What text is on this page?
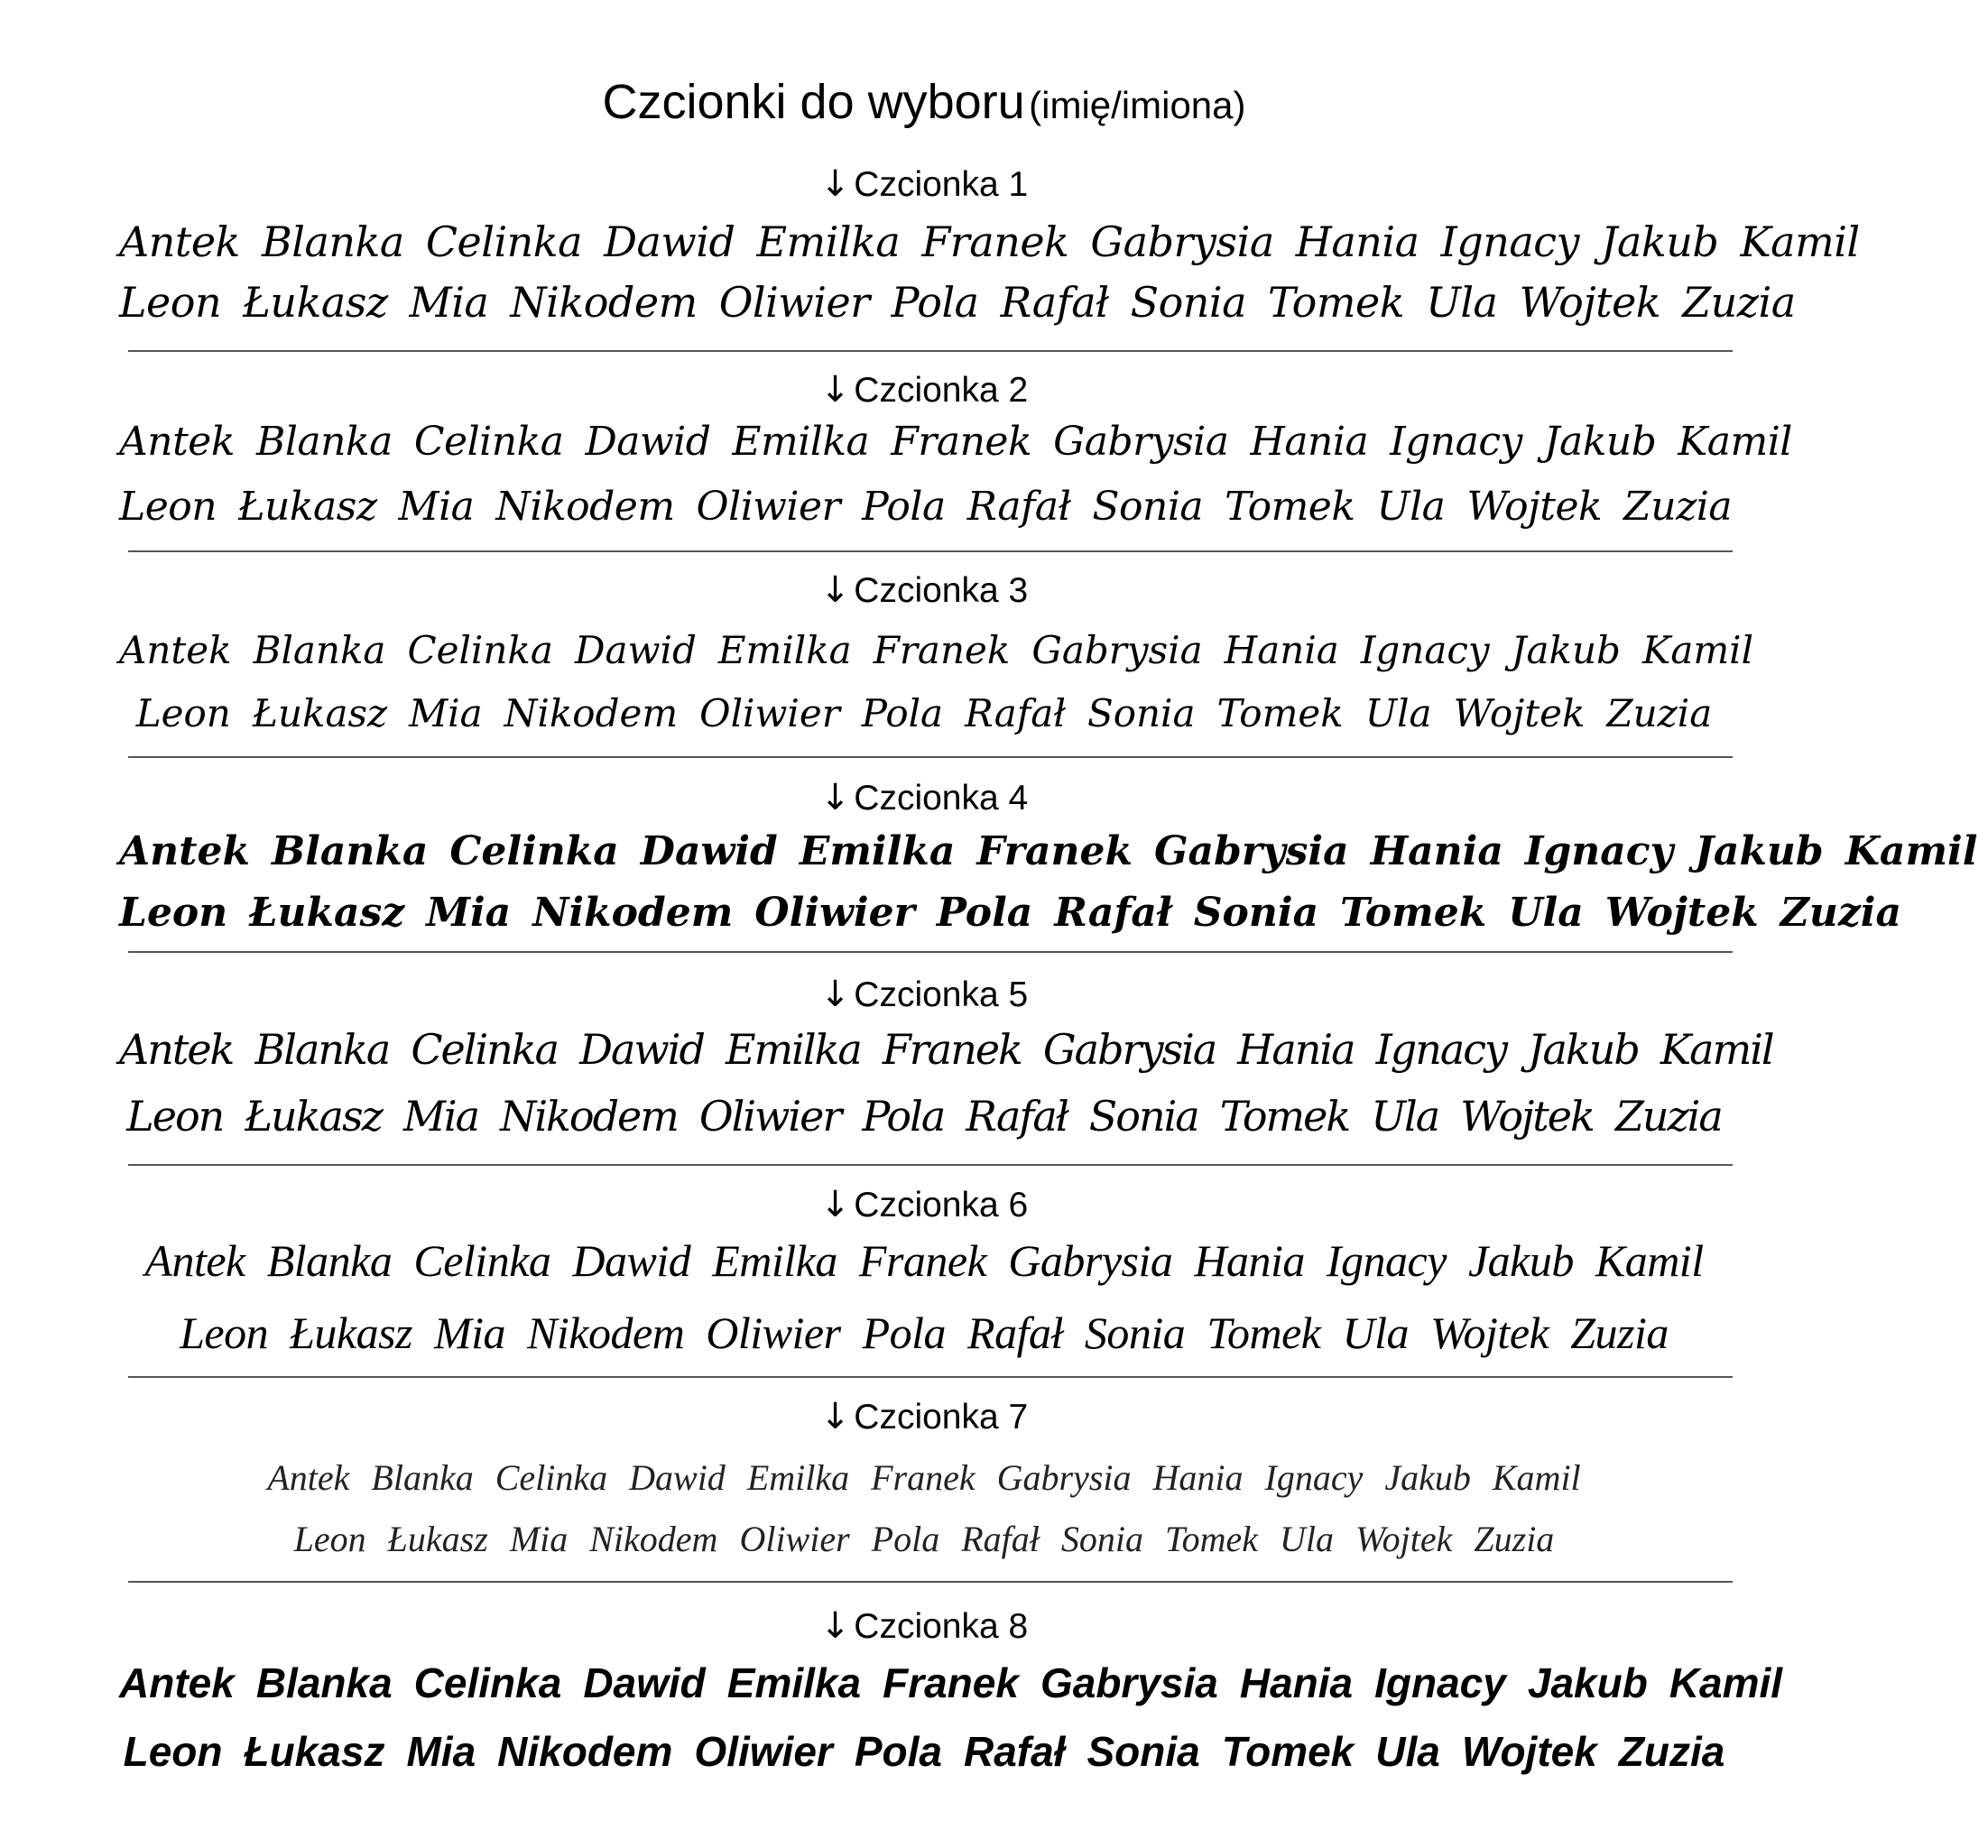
Czcionki do wyboru (imię/imiona)
↓ Czcionka 1
Antek Blanka Celinka Dawid Emilka Franek Gabrysia Hania Ignacy Jakub Kamil
Leon Łukasz Mia Nikodem Oliwier Pola Rafał Sonia Tomek Ula Wojtek Zuzia
↓ Czcionka 2
Antek Blanka Celinka Dawid Emilka Franek Gabrysia Hania Ignacy Jakub Kamil
Leon Łukasz Mia Nikodem Oliwier Pola Rafał Sonia Tomek Ula Wojtek Zuzia
↓ Czcionka 3
Antek Blanka Celinka Dawid Emilka Franek Gabrysia Hania Ignacy Jakub Kamil
Leon Łukasz Mia Nikodem Oliwier Pola Rafał Sonia Tomek Ula Wojtek Zuzia
↓ Czcionka 4
Antek Blanka Celinka Dawid Emilka Franek Gabrysia Hania Ignacy Jakub Kamil
Leon Łukasz Mia Nikodem Oliwier Pola Rafał Sonia Tomek Ula Wojtek Zuzia
↓ Czcionka 5
Antek Blanka Celinka Dawid Emilka Franek Gabrysia Hania Ignacy Jakub Kamil
Leon Łukasz Mia Nikodem Oliwier Pola Rafał Sonia Tomek Ula Wojtek Zuzia
↓ Czcionka 6
Antek Blanka Celinka Dawid Emilka Franek Gabrysia Hania Ignacy Jakub Kamil
Leon Łukasz Mia Nikodem Oliwier Pola Rafał Sonia Tomek Ula Wojtek Zuzia
↓ Czcionka 7
Antek Blanka Celinka Dawid Emilka Franek Gabrysia Hania Ignacy Jakub Kamil
Leon Łukasz Mia Nikodem Oliwier Pola Rafał Sonia Tomek Ula Wojtek Zuzia
↓ Czcionka 8
Antek Blanka Celinka Dawid Emilka Franek Gabrysia Hania Ignacy Jakub Kamil
Leon Łukasz Mia Nikodem Oliwier Pola Rafał Sonia Tomek Ula Wojtek Zuzia
